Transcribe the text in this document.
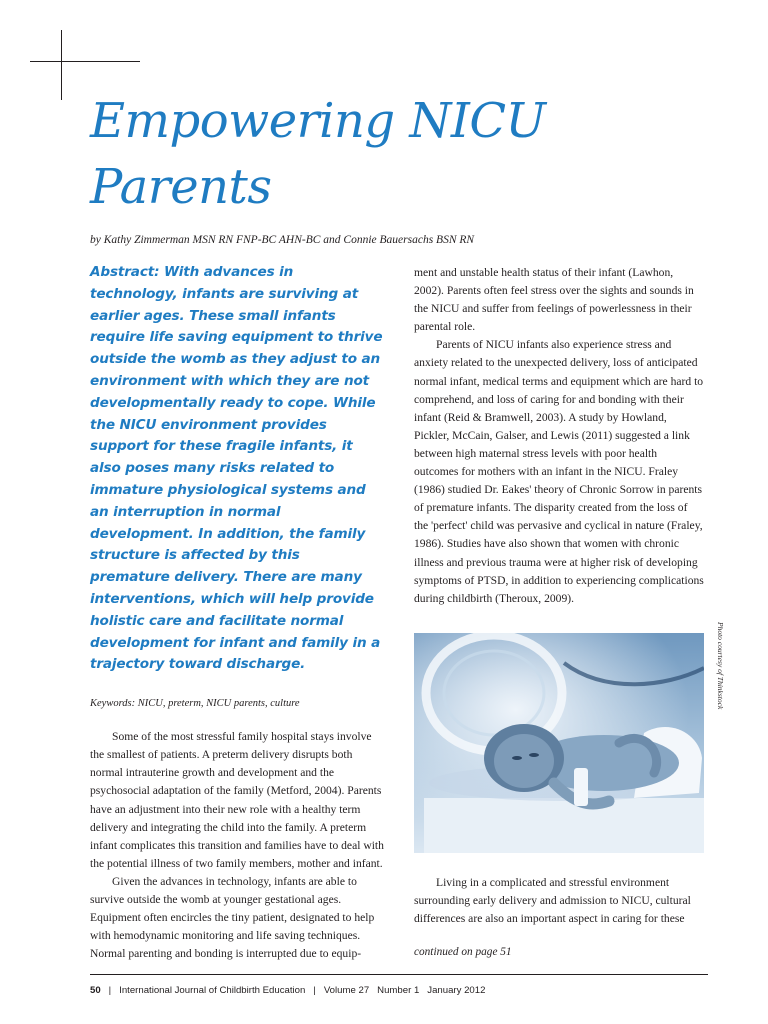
Empowering NICU
Parents
by Kathy Zimmerman MSN RN FNP-BC AHN-BC and Connie Bauersachs BSN RN

Abstract: With advances in technology, infants are surviving at earlier ages. These small infants require life saving equipment to thrive outside the womb as they adjust to an environment with which they are not developmentally ready to cope. While the NICU environment provides support for these fragile infants, it also poses many risks related to immature physiological systems and an interruption in normal development. In addition, the family structure is affected by this premature delivery. There are many interventions, which will help provide holistic care and facilitate normal development for infant and family in a trajectory toward discharge.

Keywords: NICU, preterm, NICU parents, culture

Some of the most stressful family hospital stays involve the smallest of patients. A preterm delivery disrupts both normal intrauterine growth and development and the psychosocial adaptation of the family (Metford, 2004). Parents have an adjustment into their new role with a healthy term delivery and integrating the child into the family. A preterm infant complicates this transition and families have to deal with the potential illness of two family members, mother and infant.

Given the advances in technology, infants are able to survive outside the womb at younger gestational ages. Equipment often encircles the tiny patient, designated to help with hemodynamic monitoring and life saving techniques. Normal parenting and bonding is interrupted due to equip-

ment and unstable health status of their infant (Lawhon, 2002). Parents often feel stress over the sights and sounds in the NICU and suffer from feelings of powerlessness in their parental role.

Parents of NICU infants also experience stress and anxiety related to the unexpected delivery, loss of anticipated normal infant, medical terms and equipment which are hard to comprehend, and loss of caring for and bonding with their infant (Reid & Bramwell, 2003). A study by Howland, Pickler, McCain, Galser, and Lewis (2011) suggested a link between high maternal stress levels with poor health outcomes for mothers with an infant in the NICU. Fraley (1986) studied Dr. Eakes' theory of Chronic Sorrow in parents of premature infants. The disparity created from the loss of the 'perfect' child was pervasive and cyclical in nature (Fraley, 1986). Studies have also shown that women with chronic illness and previous trauma were at higher risk of developing symptoms of PTSD, in addition to experiencing complications during childbirth (Theroux, 2009).

Living in a complicated and stressful environment surrounding early delivery and admission to NICU, cultural differences are also an important aspect in caring for these

continued on page 51
Photo courtesy of Thinkstock
50 | International Journal of Childbirth Education | Volume 27 Number 1 January 2012
